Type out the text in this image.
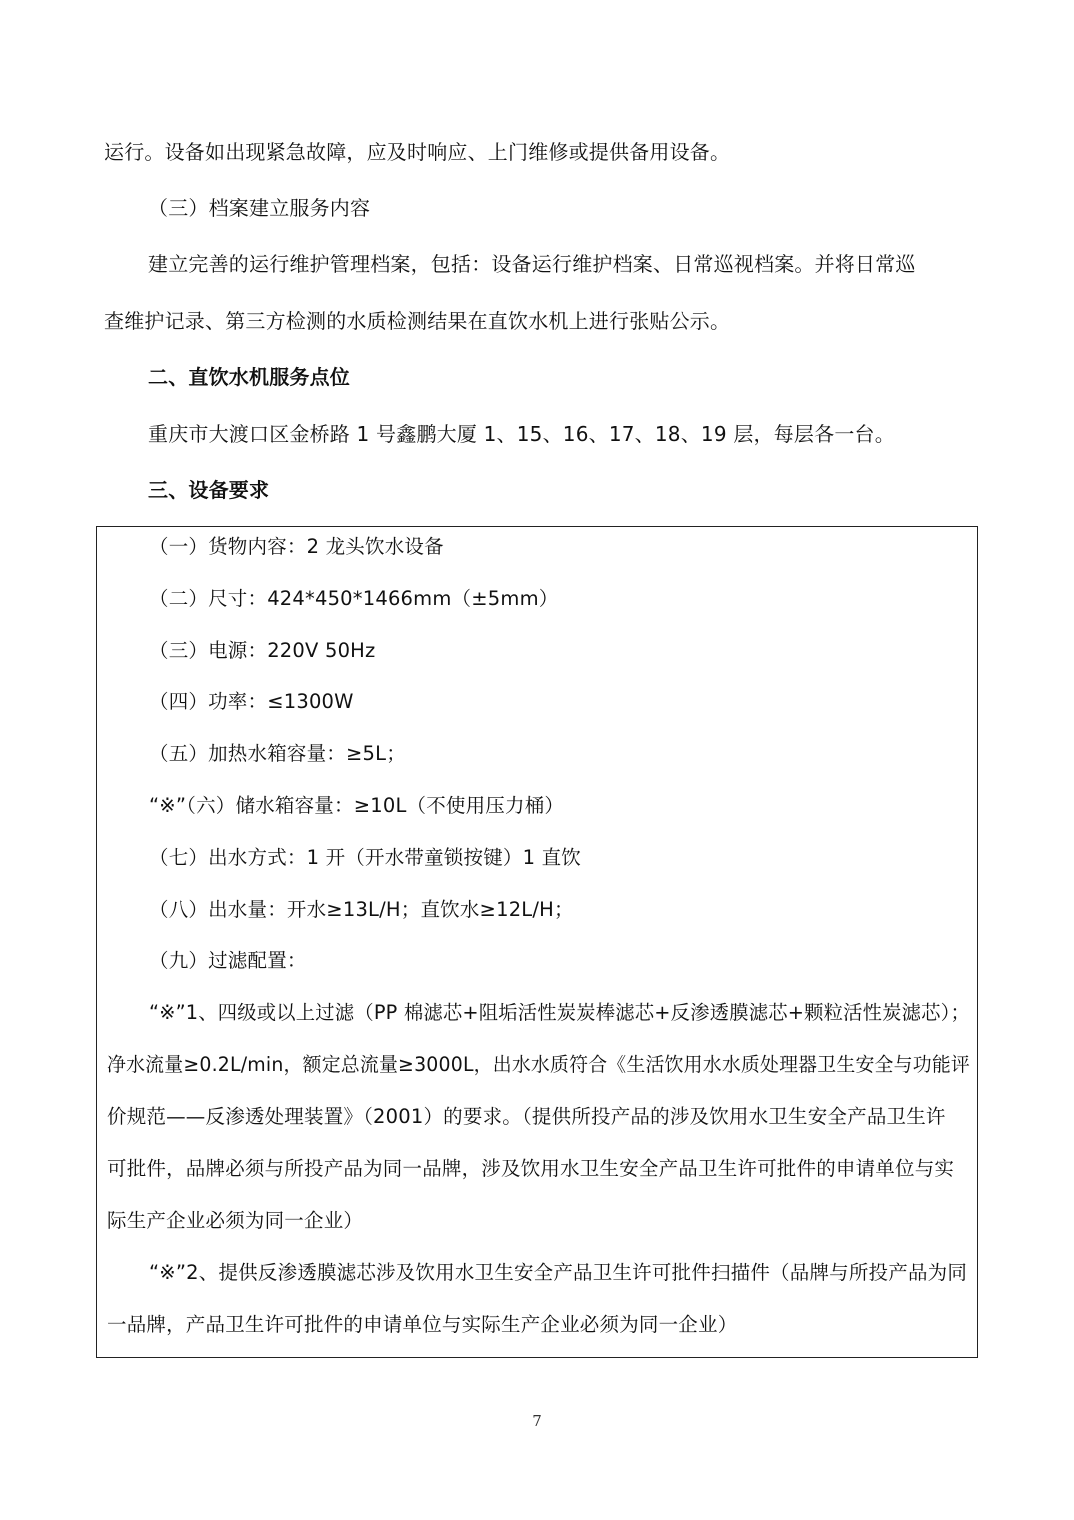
运行。设备如出现紧急故障，应及时响应、上门维修或提供备用设备。
（三）档案建立服务内容
建立完善的运行维护管理档案，包括：设备运行维护档案、日常巡视档案。并将日常巡
查维护记录、第三方检测的水质检测结果在直饮水机上进行张贴公示。
二、直饮水机服务点位
重庆市大渡口区金桥路 1 号鑫鹏大厦 1、15、16、17、18、19 层，每层各一台。
三、设备要求
（一）货物内容：2 龙头饮水设备
（二）尺寸：424*450*1466mm（±5mm）
（三）电源：220V 50Hz
（四）功率：≤1300W
（五）加热水箱容量：≥5L；
“※”（六）储水箱容量：≥10L（不使用压力桶）
（七）出水方式：1 开（开水带童锁按键）1 直饮
（八）出水量：开水≥13L/H；直饮水≥12L/H；
（九）过滤配置：
“※”1、四级或以上过滤（PP 棉滤芯+阻垢活性炭炭棒滤芯+反渗透膜滤芯+颗粒活性炭滤芯）；
净水流量≥0.2L/min，额定总流量≥3000L，出水水质符合《生活饮用水水质处理器卫生安全与功能评
价规范——反渗透处理装置》（2001）的要求。（提供所投产品的涉及饮用水卫生安全产品卫生许
可批件，品牌必须与所投产品为同一品牌，涉及饮用水卫生安全产品卫生许可批件的申请单位与实
际生产企业必须为同一企业）
“※”2、提供反渗透膜滤芯涉及饮用水卫生安全产品卫生许可批件扫描件（品牌与所投产品为同
一品牌，产品卫生许可批件的申请单位与实际生产企业必须为同一企业）
7
